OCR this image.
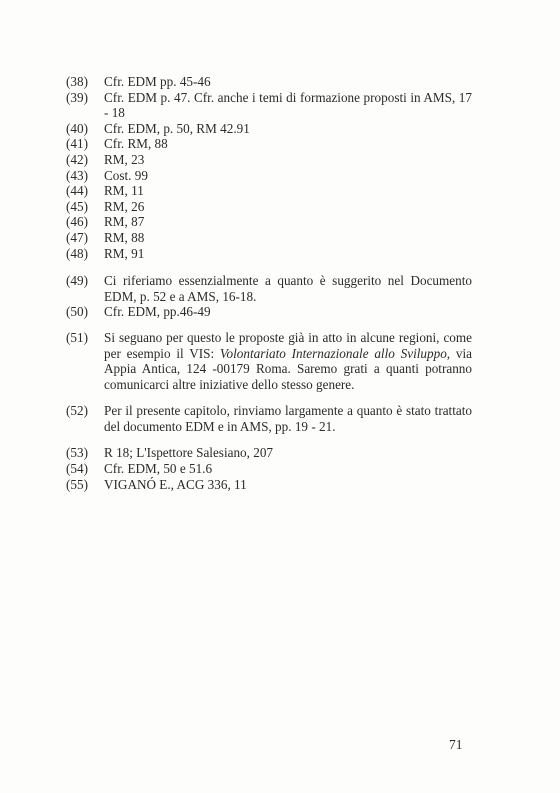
(38)	Cfr. EDM pp. 45-46
(39)	Cfr. EDM p. 47. Cfr. anche i temi di formazione proposti in AMS, 17 - 18
(40)	Cfr. EDM, p. 50, RM 42.91
(41)	Cfr. RM, 88
(42)	RM, 23
(43)	Cost. 99
(44)	RM, 11
(45)	RM, 26
(46)	RM, 87
(47)	RM, 88
(48)	RM, 91
(49)	Ci riferiamo essenzialmente a quanto è suggerito nel Documento EDM, p. 52 e a AMS, 16-18.
(50)	Cfr. EDM, pp.46-49
(51)	Si seguano per questo le proposte già in atto in alcune regioni, come per esempio il VIS: Volontariato Internazionale allo Sviluppo, via Appia Antica, 124 -00179 Roma. Saremo grati a quanti potranno comunicarci altre iniziative dello stesso genere.
(52)	Per il presente capitolo, rinviamo largamente a quanto è stato trattato del documento EDM e in AMS, pp. 19 - 21.
(53)	R 18; L'Ispettore Salesiano, 207
(54)	Cfr. EDM, 50 e 51.6
(55)	VIGANÓ E., ACG 336, 11
71
